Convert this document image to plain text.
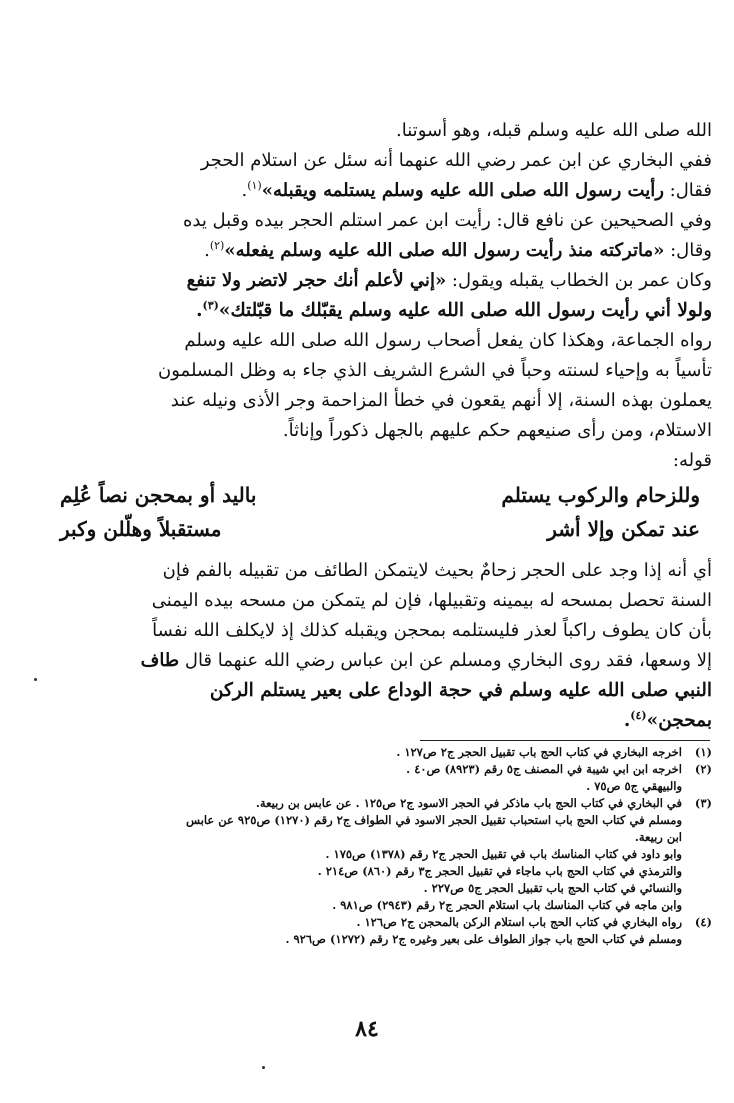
الله صلى الله عليه وسلم قبله، وهو أسوتنا.
ففي البخاري عن ابن عمر رضي الله عنهما أنه سئل عن استلام الحجر
فقال: رأيت رسول الله صلى الله عليه وسلم يستلمه ويقبله»$^{(١)}$.
وفي الصحيحين عن نافع قال: رأيت ابن عمر استلم الحجر بيده وقبل يده
وقال: «ماتركته منذ رأيت رسول الله صلى الله عليه وسلم يفعله»$^{(٢)}$.
وكان عمر بن الخطاب يقبله ويقول: «إني لأعلم أنك حجر لاتضر ولا تنفع
ولولا أني رأيت رسول الله صلى الله عليه وسلم يقبّلك ما قبّلتك»$^{(٣)}$.
رواه الجماعة، وهكذا كان يفعل أصحاب رسول الله صلى الله عليه وسلم
تأسياً به وإحياء لسنته وحباً في الشرع الشريف الذي جاء به وظل المسلمون
يعملون بهذه السنة، إلا أنهم يقعون في خطأ المزاحمة وجر الأذى ونيله عند
الاستلام، ومن رأى صنيعهم حكم عليهم بالجهل ذكوراً وإناثاً.
قوله:
وللزحام والركوب يستلم
باليد أو بمحجن نصاً عُلِم
عند تمكن وإلا أشر
مستقبلاً وهلّلن وكبر
أي أنه إذا وجد على الحجر زحامٌ بحيث لايتمكن الطائف من تقبيله بالفم فإن
السنة تحصل بمسحه له بيمينه وتقبيلها، فإن لم يتمكن من مسحه بيده اليمنى
بأن كان يطوف راكباً لعذر فليستلمه بمحجن ويقبله كذلك إذ لايكلف الله نفساً
إلا وسعها، فقد روى البخاري ومسلم عن ابن عباس رضي الله عنهما قال طاف
النبي صلى الله عليه وسلم في حجة الوداع على بعير يستلم الركن
بمحجن»$^{(٤)}$.
(١)
اخرجه البخاري في كتاب الحج باب تقبيل الحجر ج٢ ص١٢٧ .
(٢)
اخرجه ابن ابي شيبة في المصنف ج٥ رقم (٨٩٢٣) ص٤٠ .
والبيهقي ج٥ ص٧٥ .
(٣)
في البخاري في كتاب الحج باب ماذكر في الحجر الاسود ج٢ ص١٢٥ . عن عابس بن ربيعة.
ومسلم في كتاب الحج باب استحباب تقبيل الحجر الاسود في الطواف ج٢ رقم (١٢٧٠) ص٩٢٥ عن عابس
ابن ربيعة.
وابو داود في كتاب المناسك باب في تقبيل الحجر ج٢ رقم (١٣٧٨) ص١٧٥ .
والترمذي في كتاب الحج باب ماجاء في تقبيل الحجر ج٣ رقم (٨٦٠) ص٢١٤ .
والنسائي في كتاب الحج باب تقبيل الحجر ج٥ ص٢٢٧ .
وابن ماجه في كتاب المناسك باب استلام الحجر ج٢ رقم (٢٩٤٣) ص٩٨١ .
(٤)
رواه البخاري في كتاب الحج باب استلام الركن بالمحجن ج٢ ص١٢٦ .
ومسلم في كتاب الحج باب جواز الطواف على بعير وغيره ج٢ رقم (١٢٧٢) ص٩٢٦ .
٨٤
